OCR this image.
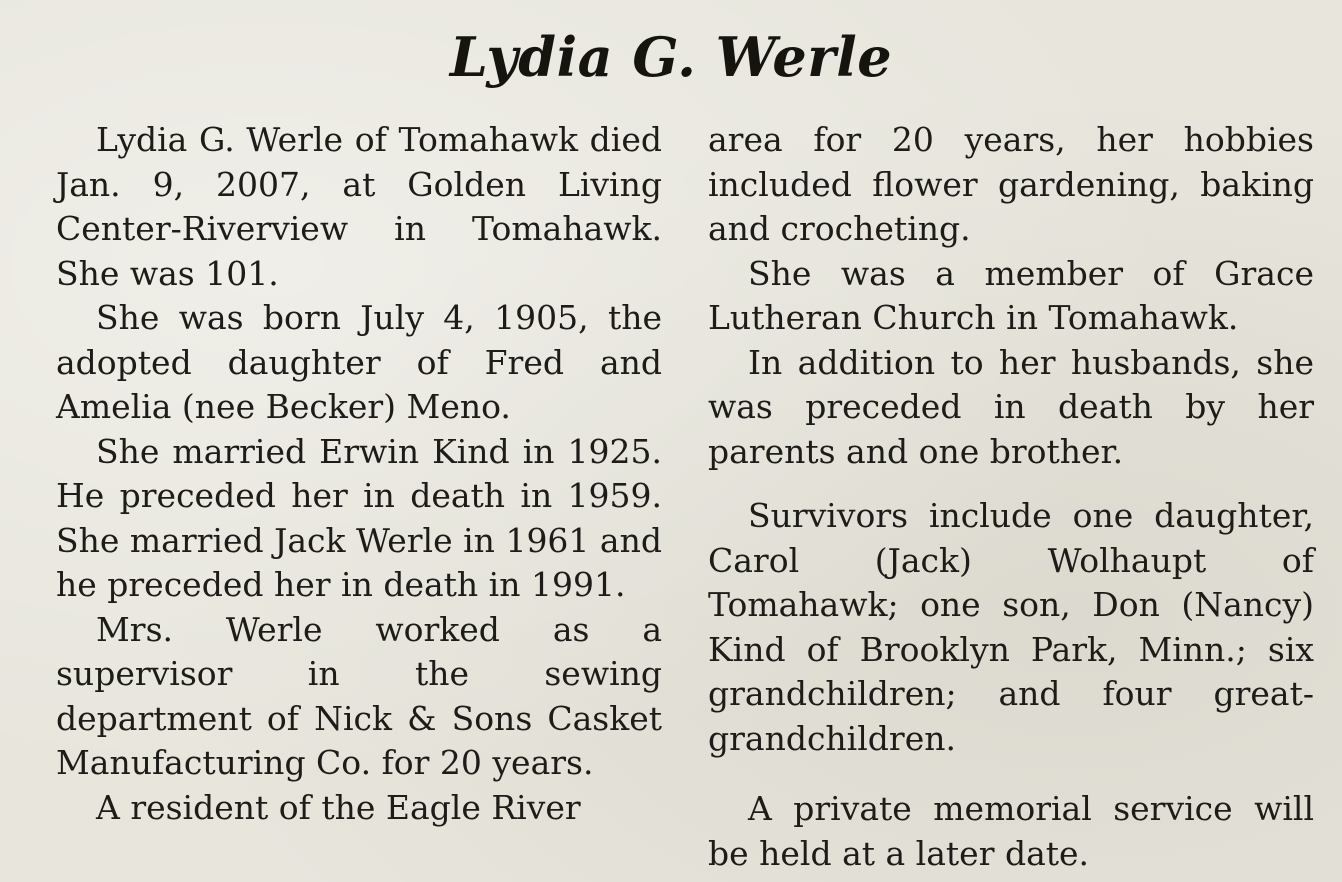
Lydia G. Werle

Lydia G. Werle of Tomahawk died Jan. 9, 2007, at Golden Living Center-Riverview in Tomahawk. She was 101.

She was born July 4, 1905, the adopted daughter of Fred and Amelia (nee Becker) Meno.

She married Erwin Kind in 1925. He preceded her in death in 1959. She married Jack Werle in 1961 and he preceded her in death in 1991.

Mrs. Werle worked as a supervisor in the sewing department of Nick & Sons Casket Manufacturing Co. for 20 years.

A resident of the Eagle River

area for 20 years, her hobbies included flower gardening, baking and crocheting.

She was a member of Grace Lutheran Church in Tomahawk.

In addition to her husbands, she was preceded in death by her parents and one brother.

Survivors include one daughter, Carol (Jack) Wolhaupt of Tomahawk; one son, Don (Nancy) Kind of Brooklyn Park, Minn.; six grandchildren; and four great-grandchildren.

A private memorial service will be held at a later date.
